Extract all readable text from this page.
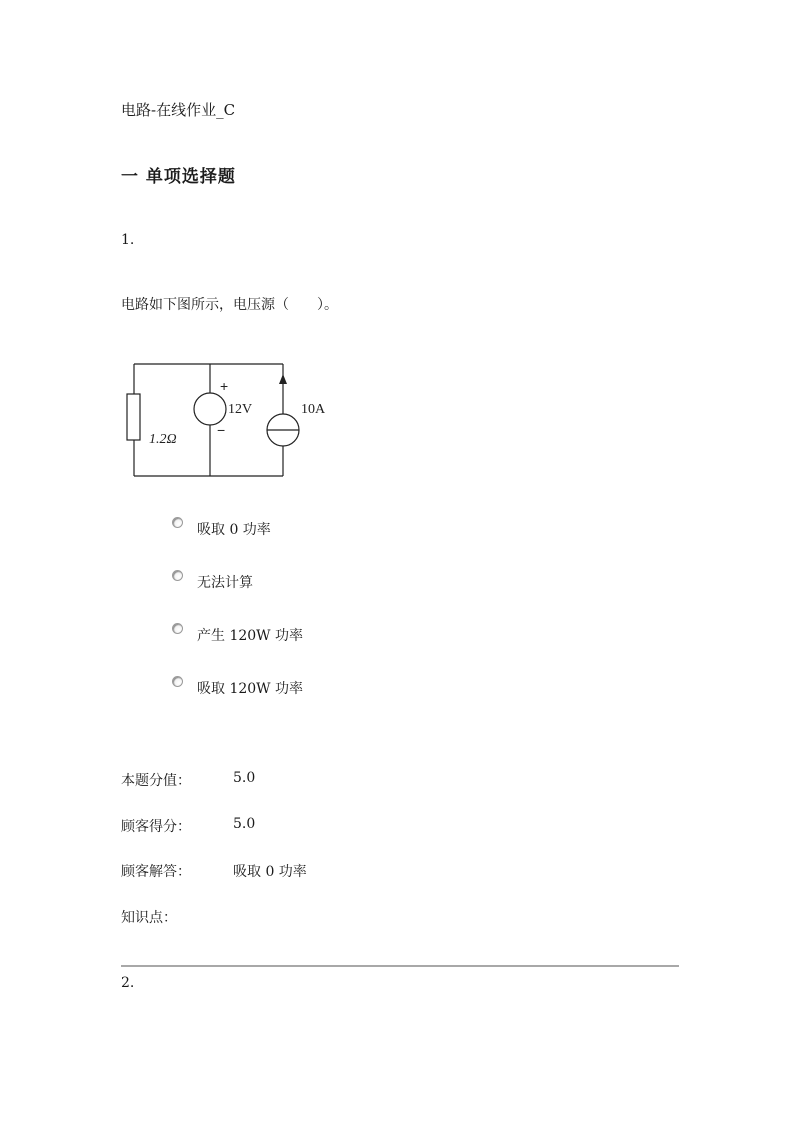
电路-在线作业_C
一 单项选择题
1.
电路如下图所示，电压源（　　）。
+
−
12V	10A
1.2Ω
吸取 0 功率
无法计算
产生 120W 功率
吸取 120W 功率
本题分值：	5.0
顾客得分：	5.0
顾客解答：	吸取 0 功率
知识点：
2.
